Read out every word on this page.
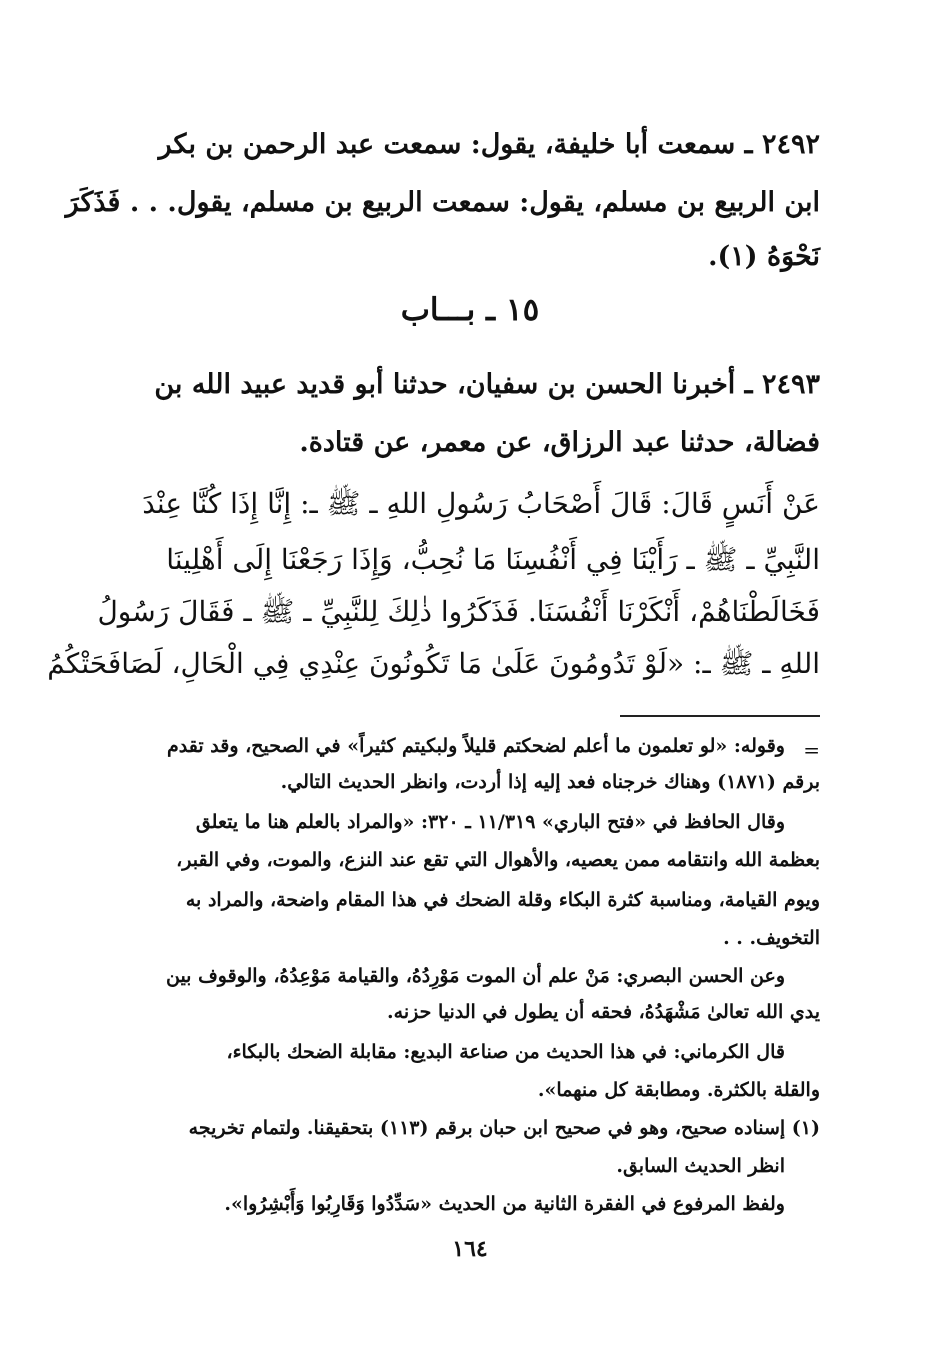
٢٤٩٢ ـ سمعت أبا خليفة، يقول: سمعت عبد الرحمن بن بكر
ابن الربيع بن مسلم، يقول: سمعت الربيع بن مسلم، يقول. . . فَذَكَرَ
نَحْوَهُ (١).
١٥ ـ بـــاب
٢٤٩٣ ـ أخبرنا الحسن بن سفيان، حدثنا أبو قديد عبيد الله بن
فضالة، حدثنا عبد الرزاق، عن معمر، عن قتادة.
عَنْ أَنَسٍ قَالَ: قَالَ أَصْحَابُ رَسُولِ اللهِ ـ ﷺ ـ: إِنَّا إِذَا كُنَّا عِنْدَ
النَّبِيِّ ـ ﷺ ـ رَأَيْنَا فِي أَنْفُسِنَا مَا نُحِبُّ، وَإِذَا رَجَعْنَا إِلَى أَهْلِينَا
فَخَالَطْنَاهُمْ، أَنْكَرْنَا أَنْفُسَنَا. فَذَكَرُوا ذٰلِكَ لِلنَّبِيِّ ـ ﷺ ـ فَقَالَ رَسُولُ
اللهِ ـ ﷺ ـ: «لَوْ تَدُومُونَ عَلَىٰ مَا تَكُونُونَ عِنْدِي فِي الْحَالِ، لَصَافَحَتْكُمُ
=
وقوله: «لو تعلمون ما أعلم لضحكتم قليلاً ولبكيتم كثيراً» في الصحيح، وقد تقدم
برقم (١٨٧١) وهناك خرجناه فعد إليه إذا أردت، وانظر الحديث التالي.
وقال الحافظ في «فتح الباري» ١١/٣١٩ ـ ٣٢٠: «والمراد بالعلم هنا ما يتعلق
بعظمة الله وانتقامه ممن يعصيه، والأهوال التي تقع عند النزع، والموت، وفي القبر،
ويوم القيامة، ومناسبة كثرة البكاء وقلة الضحك في هذا المقام واضحة، والمراد به
التخويف. . .
وعن الحسن البصري: مَنْ علم أن الموت مَوْرِدُهُ، والقيامة مَوْعِدُهُ، والوقوف بين
يدي الله تعالىٰ مَشْهَدُهُ، فحقه أن يطول في الدنيا حزنه.
قال الكرماني: في هذا الحديث من صناعة البديع: مقابلة الضحك بالبكاء،
والقلة بالكثرة. ومطابقة كل منهما».
(١) إسناده صحيح، وهو في صحيح ابن حبان برقم (١١٣) بتحقيقنا. ولتمام تخريجه
انظر الحديث السابق.
ولفظ المرفوع في الفقرة الثانية من الحديث «سَدِّدُوا وَقَارِبُوا وَأَبْشِرُوا».
١٦٤
